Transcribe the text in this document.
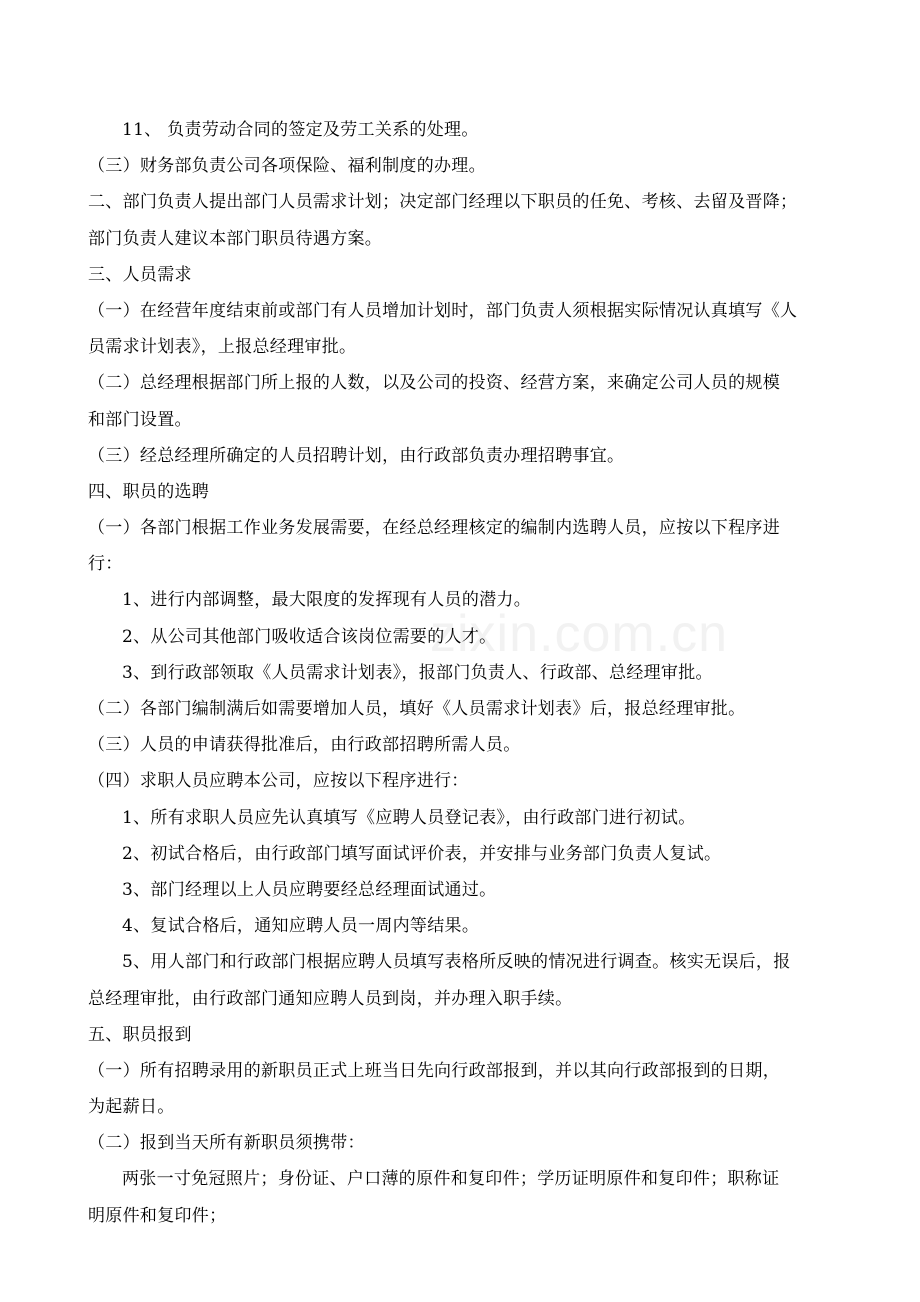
zixin.com.cn
11、 负责劳动合同的签定及劳工关系的处理。
（三）财务部负责公司各项保险、福利制度的办理。
二、部门负责人提出部门人员需求计划；决定部门经理以下职员的任免、考核、去留及晋降；
部门负责人建议本部门职员待遇方案。
三、人员需求
（一）在经营年度结束前或部门有人员增加计划时，部门负责人须根据实际情况认真填写《人
员需求计划表》，上报总经理审批。
（二）总经理根据部门所上报的人数，以及公司的投资、经营方案，来确定公司人员的规模
和部门设置。
（三）经总经理所确定的人员招聘计划，由行政部负责办理招聘事宜。
四、职员的选聘
（一）各部门根据工作业务发展需要，在经总经理核定的编制内选聘人员，应按以下程序进
行：
1、进行内部调整，最大限度的发挥现有人员的潜力。
2、从公司其他部门吸收适合该岗位需要的人才。
3、到行政部领取《人员需求计划表》，报部门负责人、行政部、总经理审批。
（二）各部门编制满后如需要增加人员，填好《人员需求计划表》后，报总经理审批。
（三）人员的申请获得批准后，由行政部招聘所需人员。
（四）求职人员应聘本公司，应按以下程序进行：
1、所有求职人员应先认真填写《应聘人员登记表》，由行政部门进行初试。
2、初试合格后，由行政部门填写面试评价表，并安排与业务部门负责人复试。
3、部门经理以上人员应聘要经总经理面试通过。
4、复试合格后，通知应聘人员一周内等结果。
5、用人部门和行政部门根据应聘人员填写表格所反映的情况进行调查。核实无误后，报
总经理审批，由行政部门通知应聘人员到岗，并办理入职手续。
五、职员报到
（一）所有招聘录用的新职员正式上班当日先向行政部报到，并以其向行政部报到的日期，
为起薪日。
（二）报到当天所有新职员须携带：
两张一寸免冠照片；身份证、户口薄的原件和复印件；学历证明原件和复印件；职称证
明原件和复印件；
